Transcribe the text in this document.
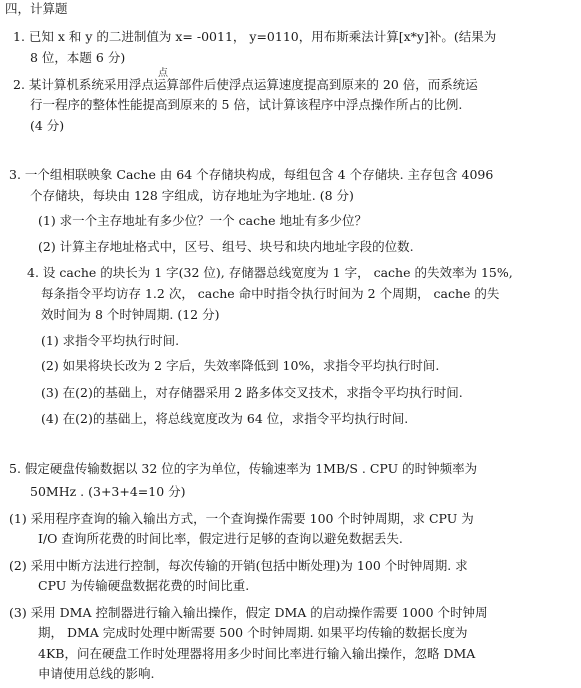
四，计算题
1. 已知 x 和 y 的二进制值为 x= -0011， y=0110，用布斯乘法计算[x*y]补。(结果为
8 位，本题 6 分)
点
2. 某计算机系统采用浮点运算部件后使浮点运算速度提高到原来的 20 倍，而系统运
行一程序的整体性能提高到原来的 5 倍，试计算该程序中浮点操作所占的比例.
(4 分)
3. 一个组相联映象 Cache 由 64 个存储块构成，每组包含 4 个存储块. 主存包含 4096
个存储块，每块由 128 字组成，访存地址为字地址. (8 分)
(1) 求一个主存地址有多少位？一个 cache 地址有多少位？
(2) 计算主存地址格式中，区号、组号、块号和块内地址字段的位数.
4. 设 cache 的块长为 1 字(32 位), 存储器总线宽度为 1 字， cache 的失效率为 15%,
每条指令平均访存 1.2 次， cache 命中时指令执行时间为 2 个周期， cache 的失
效时间为 8 个时钟周期. (12 分)
(1) 求指令平均执行时间.
(2) 如果将块长改为 2 字后，失效率降低到 10%，求指令平均执行时间.
(3) 在(2)的基础上，对存储器采用 2 路多体交叉技术，求指令平均执行时间.
(4) 在(2)的基础上，将总线宽度改为 64 位，求指令平均执行时间.
5. 假定硬盘传输数据以 32 位的字为单位，传输速率为 1MB/S . CPU 的时钟频率为
50MHz . (3+3+4=10 分)
(1) 采用程序查询的输入输出方式，一个查询操作需要 100 个时钟周期，求 CPU 为
I/O 查询所花费的时间比率，假定进行足够的查询以避免数据丢失.
(2) 采用中断方法进行控制，每次传输的开销(包括中断处理)为 100 个时钟周期. 求
CPU 为传输硬盘数据花费的时间比重.
(3) 采用 DMA 控制器进行输入输出操作，假定 DMA 的启动操作需要 1000 个时钟周
期， DMA 完成时处理中断需要 500 个时钟周期. 如果平均传输的数据长度为
4KB，问在硬盘工作时处理器将用多少时间比率进行输入输出操作，忽略 DMA
申请使用总线的影响.
